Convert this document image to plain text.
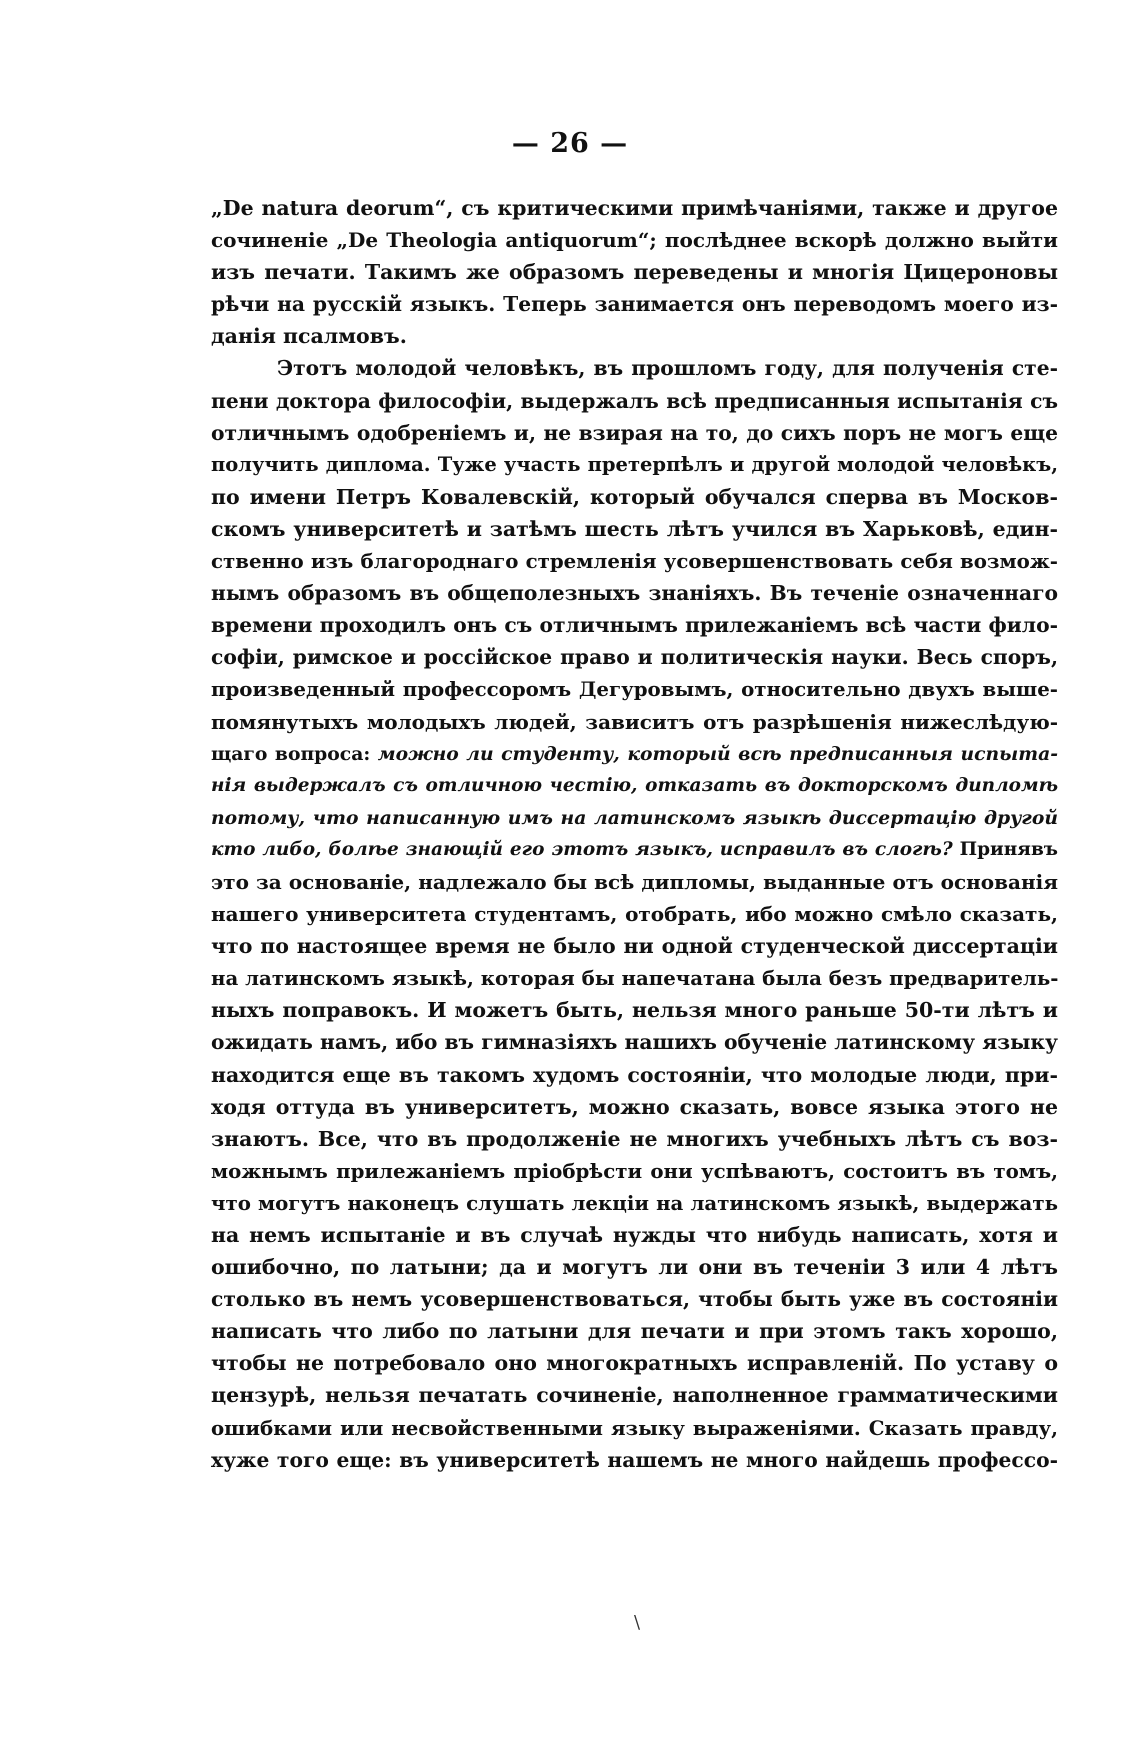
— 26 —
„De natura deorum“, съ критическими примѣчаніями, также и другое
сочиненіе „De Theologia antiquorum“; послѣднее вскорѣ должно выйти
изъ печати. Такимъ же образомъ переведены и многія Цицероновы
рѣчи на русскій языкъ. Теперь занимается онъ переводомъ моего из-
данія псалмовъ.
Этотъ молодой человѣкъ, въ прошломъ году, для полученія сте-
пени доктора философіи, выдержалъ всѣ предписанныя испытанія съ
отличнымъ одобреніемъ и, не взирая на то, до сихъ поръ не могъ еще
получить диплома. Туже участь претерпѣлъ и другой молодой человѣкъ,
по имени Петръ Ковалевскій, который обучался сперва въ Москов-
скомъ университетѣ и затѣмъ шесть лѣтъ учился въ Харьковѣ, един-
ственно изъ благороднаго стремленія усовершенствовать себя возмож-
нымъ образомъ въ общеполезныхъ знаніяхъ. Въ теченіе означеннаго
времени проходилъ онъ съ отличнымъ прилежаніемъ всѣ части фило-
софіи, римское и россійское право и политическія науки. Весь споръ,
произведенный профессоромъ Дегуровымъ, относительно двухъ выше-
помянутыхъ молодыхъ людей, зависитъ отъ разрѣшенія нижеслѣдую-
щаго вопроса: можно ли студенту, который всѣ предписанныя испыта-
нія выдержалъ съ отличною честію, отказать въ докторскомъ дипломѣ
потому, что написанную имъ на латинскомъ языкѣ диссертацію другой
кто либо, болѣе знающій его этотъ языкъ, исправилъ въ слогѣ? Принявъ
это за основаніе, надлежало бы всѣ дипломы, выданные отъ основанія
нашего университета студентамъ, отобрать, ибо можно смѣло сказать,
что по настоящее время не было ни одной студенческой диссертаціи
на латинскомъ языкѣ, которая бы напечатана была безъ предваритель-
ныхъ поправокъ. И можетъ быть, нельзя много раньше 50-ти лѣтъ и
ожидать намъ, ибо въ гимназіяхъ нашихъ обученіе латинскому языку
находится еще въ такомъ худомъ состояніи, что молодые люди, при-
ходя оттуда въ университетъ, можно сказать, вовсе языка этого не
знаютъ. Все, что въ продолженіе не многихъ учебныхъ лѣтъ съ воз-
можнымъ прилежаніемъ пріобрѣсти они успѣваютъ, состоитъ въ томъ,
что могутъ наконецъ слушать лекціи на латинскомъ языкѣ, выдержать
на немъ испытаніе и въ случаѣ нужды что нибудь написать, хотя и
ошибочно, по латыни; да и могутъ ли они въ теченіи 3 или 4 лѣтъ
столько въ немъ усовершенствоваться, чтобы быть уже въ состояніи
написать что либо по латыни для печати и при этомъ такъ хорошо,
чтобы не потребовало оно многократныхъ исправленій. По уставу о
цензурѣ, нельзя печатать сочиненіе, наполненное грамматическими
ошибками или несвойственными языку выраженіями. Сказать правду,
хуже того еще: въ университетѣ нашемъ не много найдешь профессо-
\
